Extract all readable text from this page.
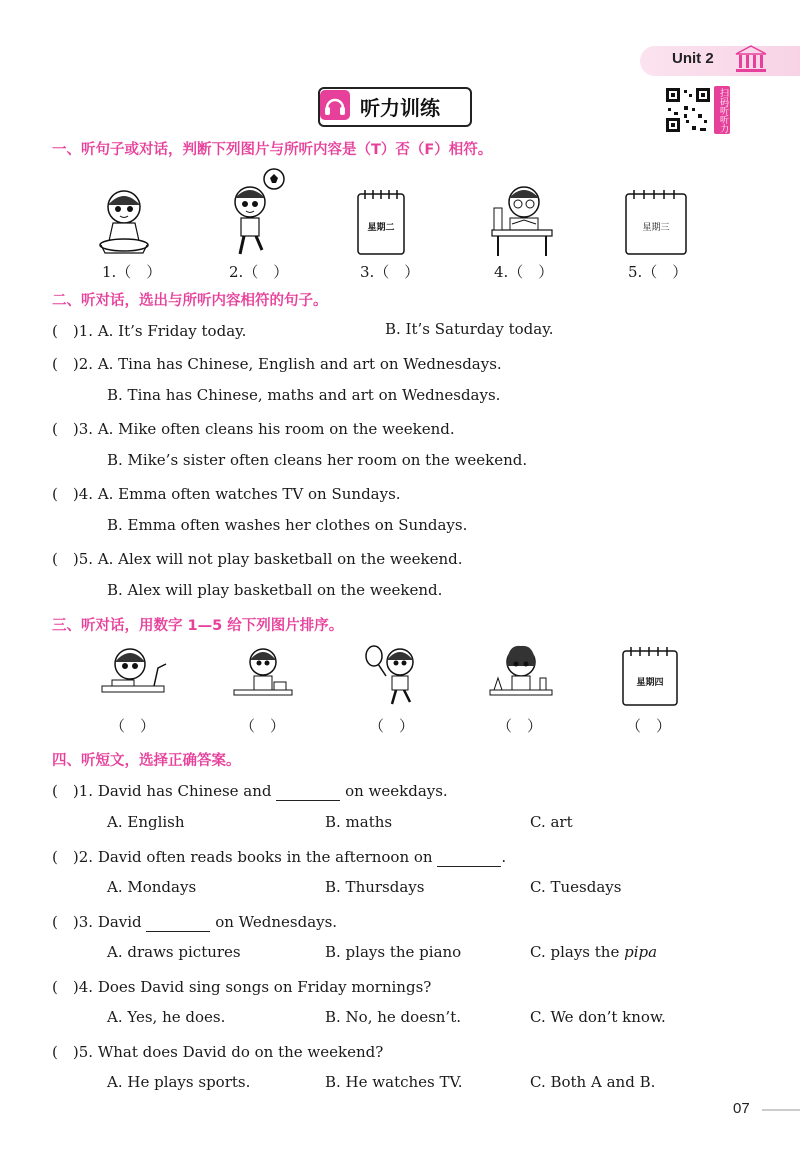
Unit 2
听力训练	扫码听听力
一、听句子或对话，判断下列图片与所听内容是（T）否（F）相符。
星期二	星期三
1.（　）	2.（　）	3.（　）	4.（　）	5.（　）
二、听对话，选出与所听内容相符的句子。
(　)1. A. It’s Friday today.	B. It’s Saturday today.
(　)2. A. Tina has Chinese, English and art on Wednesdays.
B. Tina has Chinese, maths and art on Wednesdays.
(　)3. A. Mike often cleans his room on the weekend.
B. Mike’s sister often cleans her room on the weekend.
(　)4. A. Emma often watches TV on Sundays.
B. Emma often washes her clothes on Sundays.
(　)5. A. Alex will not play basketball on the weekend.
B. Alex will play basketball on the weekend.
三、听对话，用数字 1—5 给下列图片排序。
星期四
（　）	（　）	（　）	（　）	（　）
四、听短文，选择正确答案。
(　)1. David has Chinese and	on weekdays.
A. English	B. maths	C. art
(　)2. David often reads books in the afternoon on	.
A. Mondays	B. Thursdays	C. Tuesdays
(　)3. David	on Wednesdays.
A. draws pictures	B. plays the piano	C. plays the pipa
(　)4. Does David sing songs on Friday mornings?
A. Yes, he does.	B. No, he doesn’t.	C. We don’t know.
(　)5. What does David do on the weekend?
A. He plays sports.	B. He watches TV.	C. Both A and B.
07
